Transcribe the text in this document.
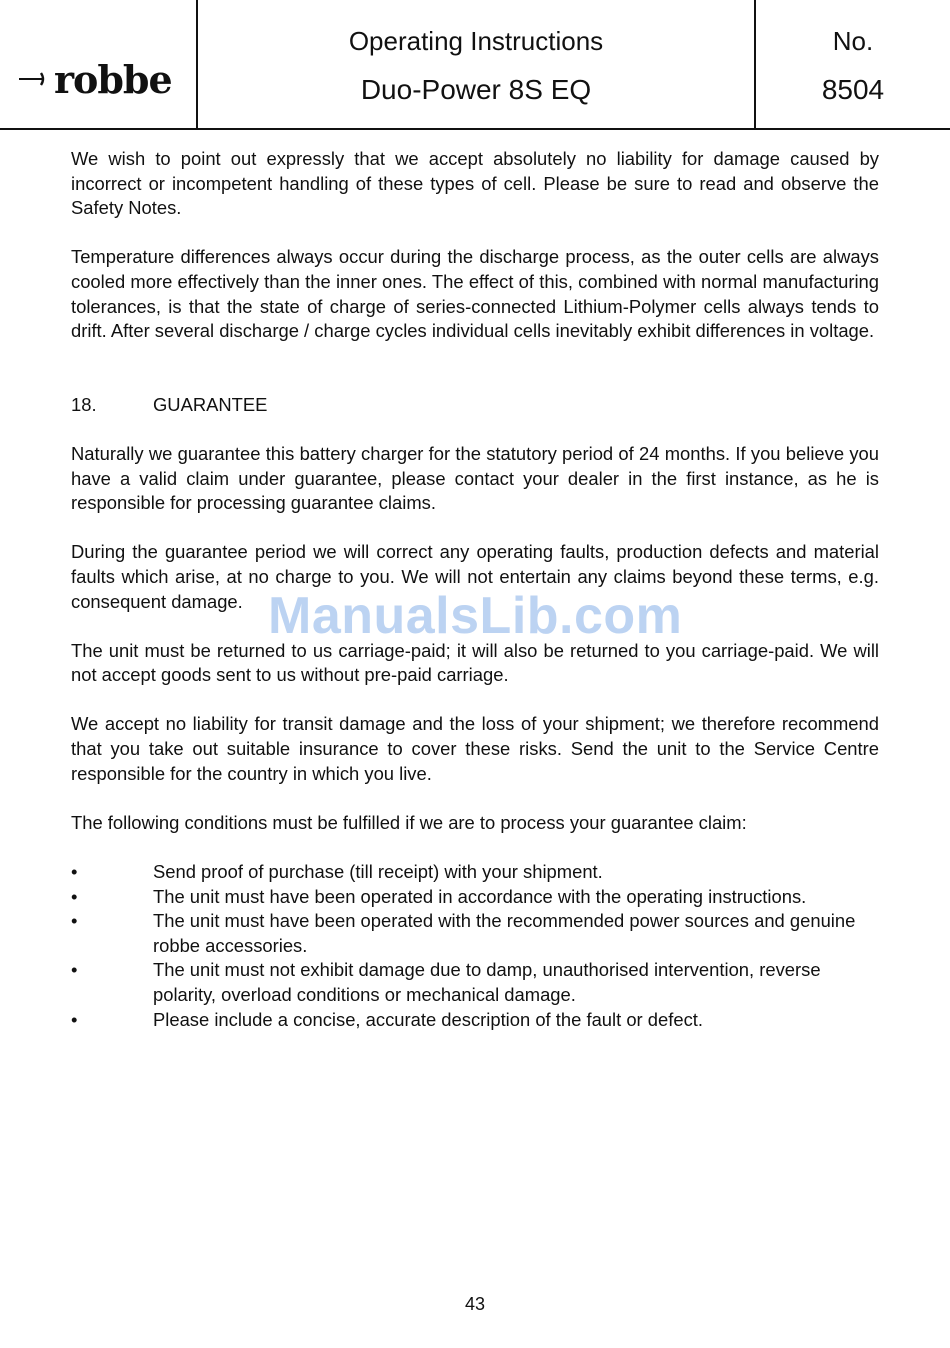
robbe
Operating Instructions
Duo-Power 8S EQ
No.
8504

We wish to point out expressly that we accept absolutely no liability for damage caused by incorrect or incompetent handling of these types of cell. Please be sure to read and observe the Safety Notes.

Temperature differences always occur during the discharge process, as the outer cells are always cooled more effectively than the inner ones. The effect of this, combined with normal manufacturing tolerances, is that the state of charge of series-connected Lithium-Polymer cells always tends to drift. After several discharge / charge cycles individual cells inevitably exhibit differences in voltage.

18.	GUARANTEE

Naturally we guarantee this battery charger for the statutory period of 24 months. If you believe you have a valid claim under guarantee, please contact your dealer in the first instance, as he is responsible for processing guarantee claims.

During the guarantee period we will correct any operating faults, production defects and material faults which arise, at no charge to you. We will not entertain any claims beyond these terms, e.g. consequent damage.

The unit must be returned to us carriage-paid; it will also be returned to you carriage-paid. We will not accept goods sent to us without pre-paid carriage.

We accept no liability for transit damage and the loss of your shipment; we therefore recommend that you take out suitable insurance to cover these risks. Send the unit to the Service Centre responsible for the country in which you live.

The following conditions must be fulfilled if we are to process your guarantee claim:

•	Send proof of purchase (till receipt) with your shipment.
•	The unit must have been operated in accordance with the operating instructions.
•	The unit must have been operated with the recommended power sources and genuine robbe accessories.
•	The unit must not exhibit damage due to damp, unauthorised intervention, reverse polarity, overload conditions or mechanical damage.
•	Please include a concise, accurate description of the fault or defect.
ManualsLib.com
43
